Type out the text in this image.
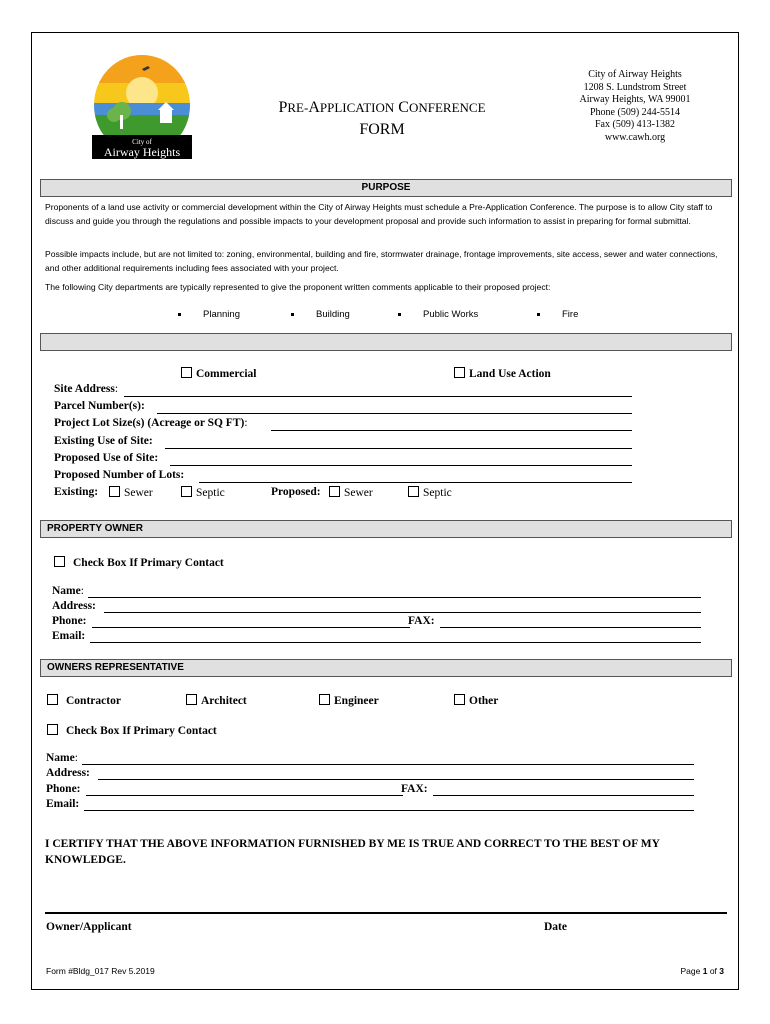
City of
Airway Heights
PRE-APPLICATION CONFERENCE
FORM
City of Airway Heights
1208 S. Lundstrom Street
Airway Heights, WA 99001
Phone (509) 244-5514
Fax (509) 413-1382
www.cawh.org
PURPOSE
Proponents of a land use activity or commercial development within the City of Airway Heights must schedule a Pre-Application Conference. The purpose is to allow City staff to discuss and guide you through the regulations and possible impacts to your development proposal and provide such information to assist in preparing for formal submittal.
Possible impacts include, but are not limited to: zoning, environmental, building and fire, stormwater drainage, frontage improvements, site access, sewer and water connections, and other additional requirements including fees associated with your project.
The following City departments are typically represented to give the proponent written comments applicable to their proposed project:
Planning	Building	Public Works	Fire
Commercial	Land Use Action
Site Address:
Parcel Number(s):
Project Lot Size(s) (Acreage or SQ FT):
Existing Use of Site:
Proposed Use of Site:
Proposed Number of Lots:
Existing:	Sewer	Septic	Proposed:	Sewer	Septic
PROPERTY OWNER
Check Box If Primary Contact
Name:
Address:
Phone:	FAX:
Email:
OWNERS REPRESENTATIVE
Contractor	Architect	Engineer	Other
Check Box If Primary Contact
Name:
Address:
Phone:	FAX:
Email:
I CERTIFY THAT THE ABOVE INFORMATION FURNISHED BY ME IS TRUE AND CORRECT TO THE BEST OF MY KNOWLEDGE.
Owner/Applicant	Date
Form #Bldg_017 Rev 5.2019	Page 1 of 3
